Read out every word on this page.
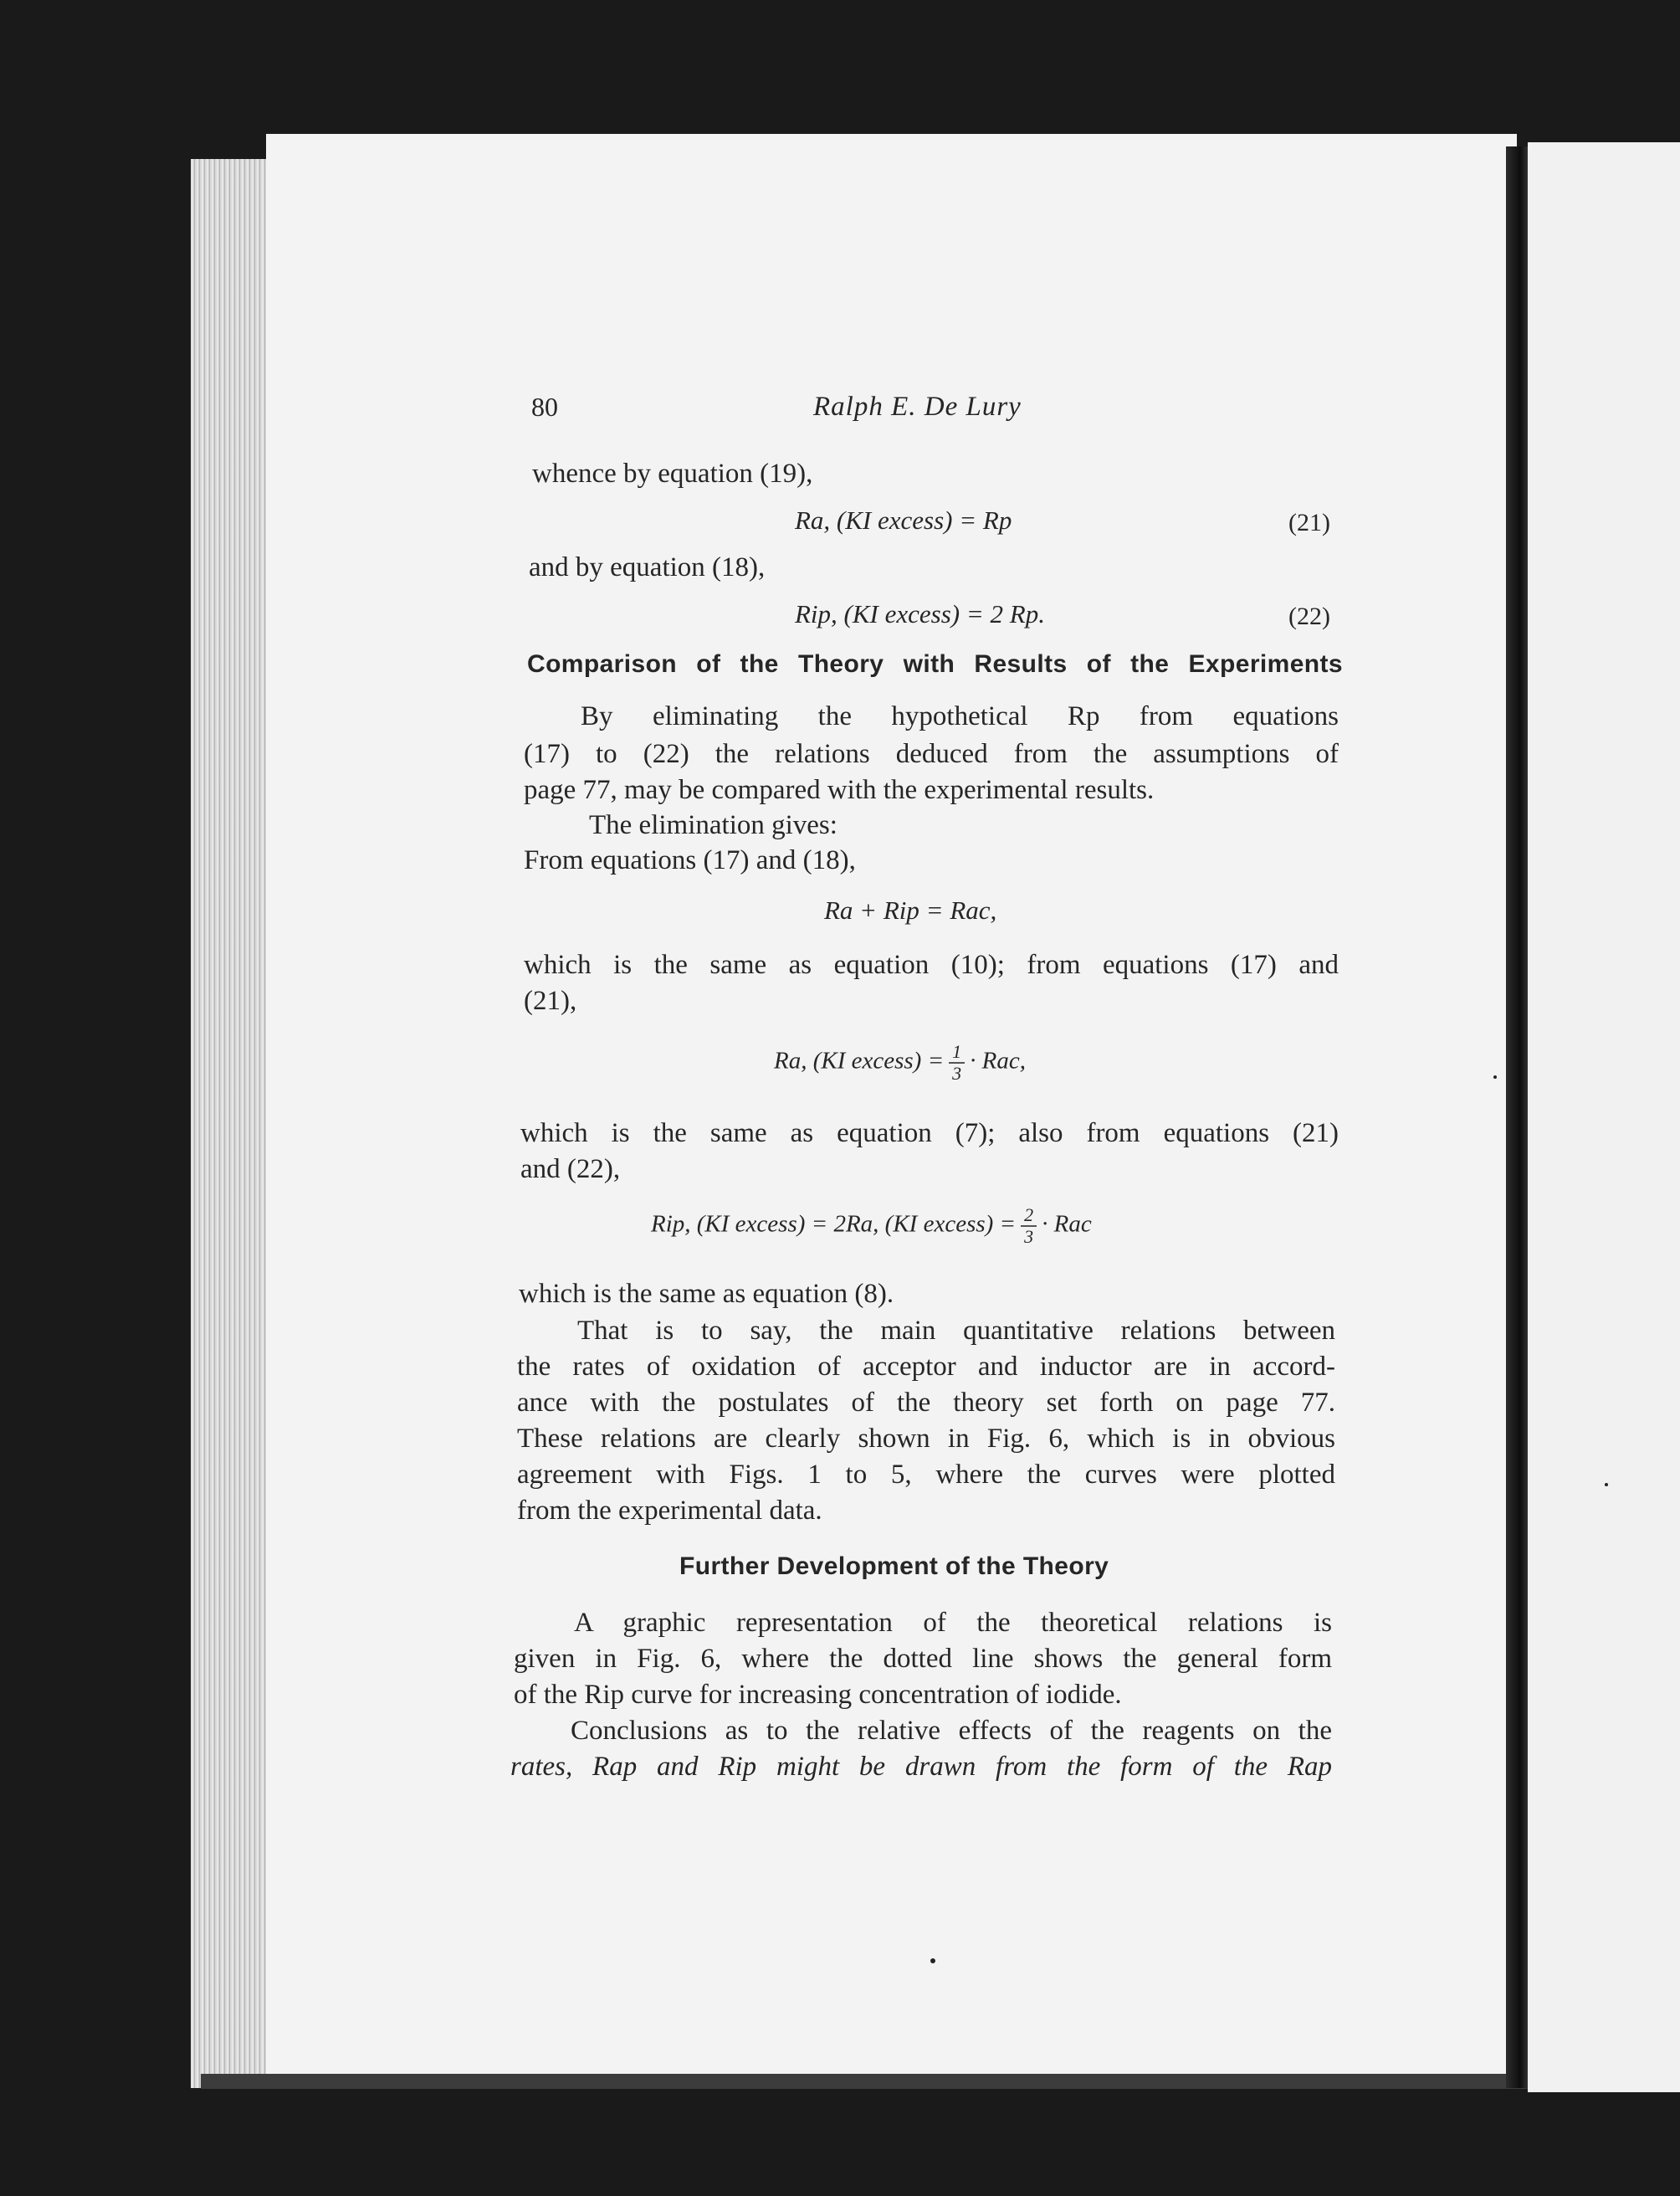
80	Ralph E. De Lury
whence by equation (19),
Ra, (KI excess) = Rp	(21)
and by equation (18),
Rip, (KI excess) = 2 Rp.	(22)
Comparison of the Theory with Results of the Experiments
By eliminating the hypothetical Rp from equations
(17) to (22) the relations deduced from the assumptions of
page 77, may be compared with the experimental results.
The elimination gives:
From equations (17) and (18),
Ra + Rip = Rac,
which is the same as equation (10); from equations (17) and
(21),
Ra, (KI excess) = $\frac{1}{3}$ · Rac,
which is the same as equation (7); also from equations (21)
and (22),
Rip, (KI excess) = 2Ra, (KI excess) = $\frac{2}{3}$ · Rac
which is the same as equation (8).
That is to say, the main quantitative relations between
the rates of oxidation of acceptor and inductor are in accord-
ance with the postulates of the theory set forth on page 77.
These relations are clearly shown in Fig. 6, which is in obvious
agreement with Figs. 1 to 5, where the curves were plotted
from the experimental data.
Further Development of the Theory
A graphic representation of the theoretical relations is
given in Fig. 6, where the dotted line shows the general form
of the Rip curve for increasing concentration of iodide.
Conclusions as to the relative effects of the reagents on the
rates, Rap and Rip might be drawn from the form of the Rap
